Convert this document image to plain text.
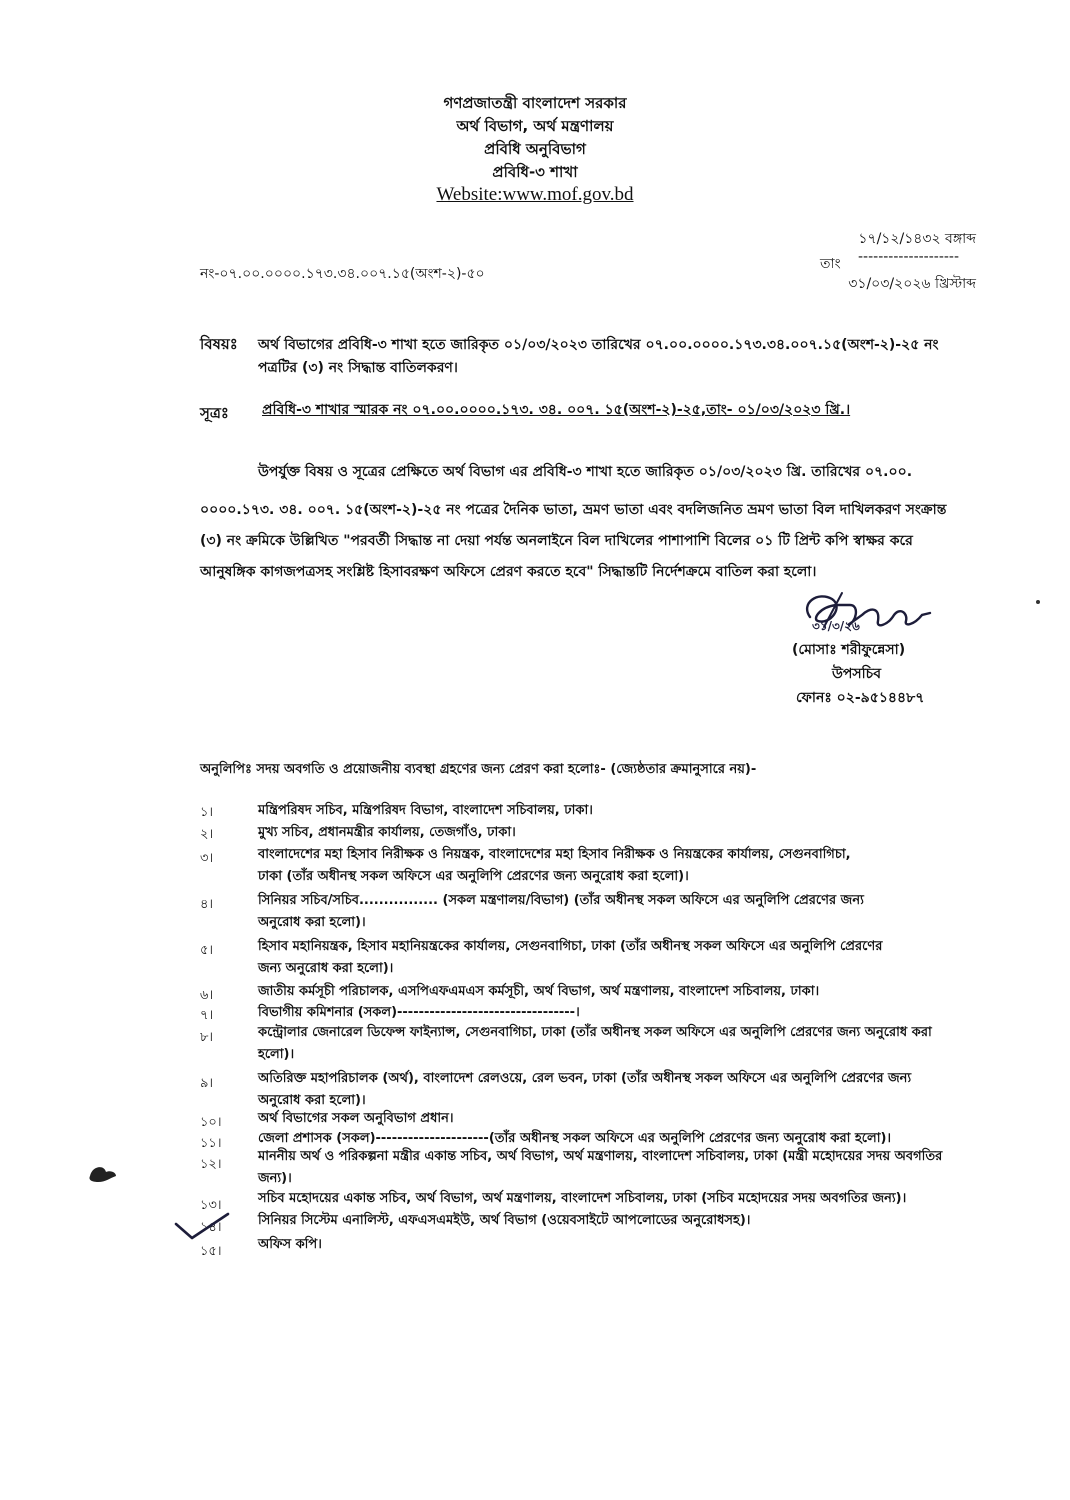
গণপ্রজাতন্ত্রী বাংলাদেশ সরকার
অর্থ বিভাগ, অর্থ মন্ত্রণালয়
প্রবিধি অনুবিভাগ
প্রবিধি-৩ শাখা
Website:www.mof.gov.bd
১৭/১২/১৪৩২ বঙ্গাব্দ
তাং --------------------
৩১/০৩/২০২৬ খ্রিস্টাব্দ
নং-০৭.০০.০০০০.১৭৩.৩৪.০০৭.১৫(অংশ-২)-৫০
বিষয়ঃ অর্থ বিভাগের প্রবিধি-৩ শাখা হতে জারিকৃত ০১/০৩/২০২৩ তারিখের ০৭.০০.০০০০.১৭৩.৩৪.০০৭.১৫(অংশ-২)-২৫ নং
পত্রটির (৩) নং সিদ্ধান্ত বাতিলকরণ।
সূত্রঃ প্রবিধি-৩ শাখার স্মারক নং ০৭.০০.০০০০.১৭৩. ৩৪. ০০৭. ১৫(অংশ-২)-২৫,তাং- ০১/০৩/২০২৩ খ্রি.।
উপর্যুক্ত বিষয় ও সূত্রের প্রেক্ষিতে অর্থ বিভাগ এর প্রবিধি-৩ শাখা হতে জারিকৃত ০১/০৩/২০২৩ খ্রি. তারিখের ০৭.০০.
০০০০.১৭৩. ৩৪. ০০৭. ১৫(অংশ-২)-২৫ নং পত্রের দৈনিক ভাতা, ভ্রমণ ভাতা এবং বদলিজনিত ভ্রমণ ভাতা বিল দাখিলকরণ সংক্রান্ত
(৩) নং ক্রমিকে উল্লিখিত "পরবর্তী সিদ্ধান্ত না দেয়া পর্যন্ত অনলাইনে বিল দাখিলের পাশাপাশি বিলের ০১ টি প্রিন্ট কপি স্বাক্ষর করে
আনুষঙ্গিক কাগজপত্রসহ সংশ্লিষ্ট হিসাবরক্ষণ অফিসে প্রেরণ করতে হবে" সিদ্ধান্তটি নির্দেশক্রমে বাতিল করা হলো।
৩১/৩/২৬
(মোসাঃ শরীফুন্নেসা)
উপসচিব
ফোনঃ ০২-৯৫১৪৪৮৭
অনুলিপিঃ সদয় অবগতি ও প্রয়োজনীয় ব্যবস্থা গ্রহণের জন্য প্রেরণ করা হলোঃ- (জ্যেষ্ঠতার ক্রমানুসারে নয়)-
১।	মন্ত্রিপরিষদ সচিব, মন্ত্রিপরিষদ বিভাগ, বাংলাদেশ সচিবালয়, ঢাকা।
২।	মুখ্য সচিব, প্রধানমন্ত্রীর কার্যালয়, তেজগাঁও, ঢাকা।
৩।	বাংলাদেশের মহা হিসাব নিরীক্ষক ও নিয়ন্ত্রক, বাংলাদেশের মহা হিসাব নিরীক্ষক ও নিয়ন্ত্রকের কার্যালয়, সেগুনবাগিচা,
ঢাকা (তাঁর অধীনস্থ সকল অফিসে এর অনুলিপি প্রেরণের জন্য অনুরোধ করা হলো)।
৪।	সিনিয়র সচিব/সচিব................ (সকল মন্ত্রণালয়/বিভাগ) (তাঁর অধীনস্থ সকল অফিসে এর অনুলিপি প্রেরণের জন্য
অনুরোধ করা হলো)।
৫।	হিসাব মহানিয়ন্ত্রক, হিসাব মহানিয়ন্ত্রকের কার্যালয়, সেগুনবাগিচা, ঢাকা (তাঁর অধীনস্থ সকল অফিসে এর অনুলিপি প্রেরণের
জন্য অনুরোধ করা হলো)।
৬।	জাতীয় কর্মসূচী পরিচালক, এসপিএফএমএস কর্মসূচী, অর্থ বিভাগ, অর্থ মন্ত্রণালয়, বাংলাদেশ সচিবালয়, ঢাকা।
৭।	বিভাগীয় কমিশনার (সকল)---------------------------------।
৮।	কন্ট্রোলার জেনারেল ডিফেন্স ফাইন্যান্স, সেগুনবাগিচা, ঢাকা (তাঁর অধীনস্থ সকল অফিসে এর অনুলিপি প্রেরণের জন্য অনুরোধ করা
হলো)।
৯।	অতিরিক্ত মহাপরিচালক (অর্থ), বাংলাদেশ রেলওয়ে, রেল ভবন, ঢাকা (তাঁর অধীনস্থ সকল অফিসে এর অনুলিপি প্রেরণের জন্য
অনুরোধ করা হলো)।
১০।	অর্থ বিভাগের সকল অনুবিভাগ প্রধান।
১১।	জেলা প্রশাসক (সকল)---------------------(তাঁর অধীনস্থ সকল অফিসে এর অনুলিপি প্রেরণের জন্য অনুরোধ করা হলো)।
১২।
মাননীয় অর্থ ও পরিকল্পনা মন্ত্রীর একান্ত সচিব, অর্থ বিভাগ, অর্থ মন্ত্রণালয়, বাংলাদেশ সচিবালয়, ঢাকা (মন্ত্রী মহোদয়ের সদয় অবগতির
জন্য)।
১৩।	সচিব মহোদয়ের একান্ত সচিব, অর্থ বিভাগ, অর্থ মন্ত্রণালয়, বাংলাদেশ সচিবালয়, ঢাকা (সচিব মহোদয়ের সদয় অবগতির জন্য)।
১৪।	সিনিয়র সিস্টেম এনালিস্ট, এফএসএমইউ, অর্থ বিভাগ (ওয়েবসাইটে আপলোডের অনুরোধসহ)।
১৫।	অফিস কপি।
